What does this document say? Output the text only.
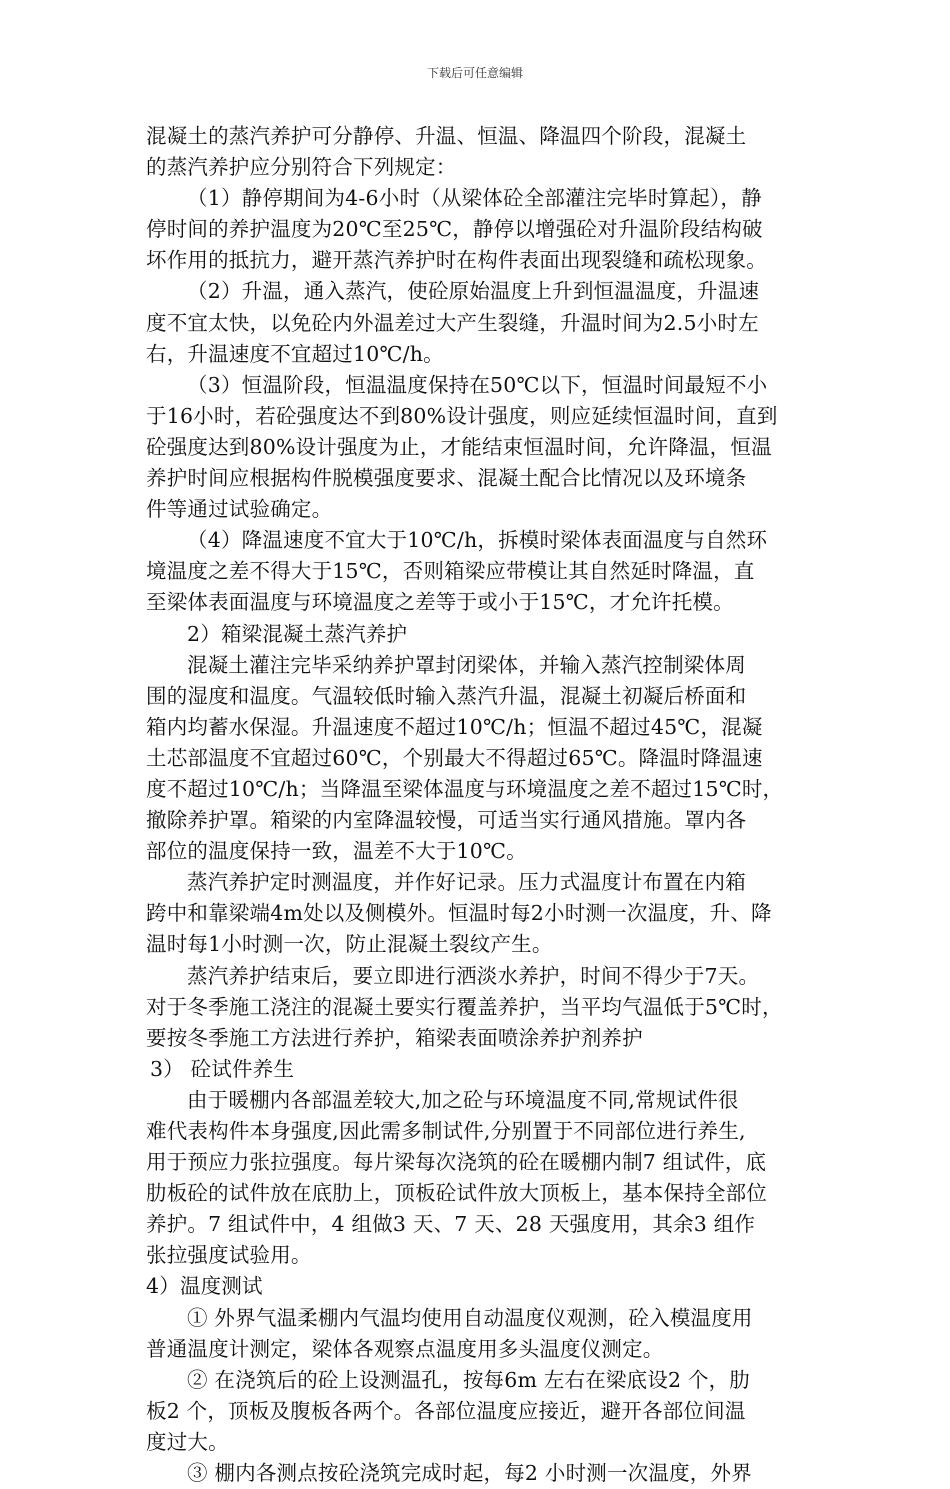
下载后可任意编辑
混凝土的蒸汽养护可分静停、升温、恒温、降温四个阶段，混凝土
的蒸汽养护应分别符合下列规定：
（1）静停期间为4-6小时（从梁体砼全部灌注完毕时算起），静
停时间的养护温度为20℃至25℃，静停以增强砼对升温阶段结构破
坏作用的抵抗力，避开蒸汽养护时在构件表面出现裂缝和疏松现象。
（2）升温，通入蒸汽，使砼原始温度上升到恒温温度，升温速
度不宜太快，以免砼内外温差过大产生裂缝，升温时间为2.5小时左
右，升温速度不宜超过10℃/h。
（3）恒温阶段，恒温温度保持在50℃以下，恒温时间最短不小
于16小时，若砼强度达不到80%设计强度，则应延续恒温时间，直到
砼强度达到80%设计强度为止，才能结束恒温时间，允许降温，恒温
养护时间应根据构件脱模强度要求、混凝土配合比情况以及环境条
件等通过试验确定。
（4）降温速度不宜大于10℃/h，拆模时梁体表面温度与自然环
境温度之差不得大于15℃，否则箱梁应带模让其自然延时降温，直
至梁体表面温度与环境温度之差等于或小于15℃，才允许托模。
2）箱梁混凝土蒸汽养护
混凝土灌注完毕采纳养护罩封闭梁体，并输入蒸汽控制梁体周
围的湿度和温度。气温较低时输入蒸汽升温，混凝土初凝后桥面和
箱内均蓄水保湿。升温速度不超过10℃/h；恒温不超过45℃，混凝
土芯部温度不宜超过60℃，个别最大不得超过65℃。降温时降温速
度不超过10℃/h；当降温至梁体温度与环境温度之差不超过15℃时，
撤除养护罩。箱梁的内室降温较慢，可适当实行通风措施。罩内各
部位的温度保持一致，温差不大于10℃。
蒸汽养护定时测温度，并作好记录。压力式温度计布置在内箱
跨中和靠梁端4m处以及侧模外。恒温时每2小时测一次温度，升、降
温时每1小时测一次，防止混凝土裂纹产生。
蒸汽养护结束后，要立即进行洒淡水养护，时间不得少于7天。
对于冬季施工浇注的混凝土要实行覆盖养护，当平均气温低于5℃时，
要按冬季施工方法进行养护，箱梁表面喷涂养护剂养护
3） 砼试件养生
由于暖棚内各部温差较大,加之砼与环境温度不同,常规试件很
难代表构件本身强度,因此需多制试件,分别置于不同部位进行养生,
用于预应力张拉强度。每片梁每次浇筑的砼在暖棚内制7 组试件，底
肋板砼的试件放在底肋上，顶板砼试件放大顶板上，基本保持全部位
养护。7 组试件中，4 组做3 天、7 天、28 天强度用，其余3 组作
张拉强度试验用。
4）温度测试
① 外界气温柔棚内气温均使用自动温度仪观测，砼入模温度用
普通温度计测定，梁体各观察点温度用多头温度仪测定。
② 在浇筑后的砼上设测温孔，按每6m 左右在梁底设2 个，肋
板2 个，顶板及腹板各两个。各部位温度应接近，避开各部位间温
度过大。
③ 棚内各测点按砼浇筑完成时起，每2 小时测一次温度，外界
